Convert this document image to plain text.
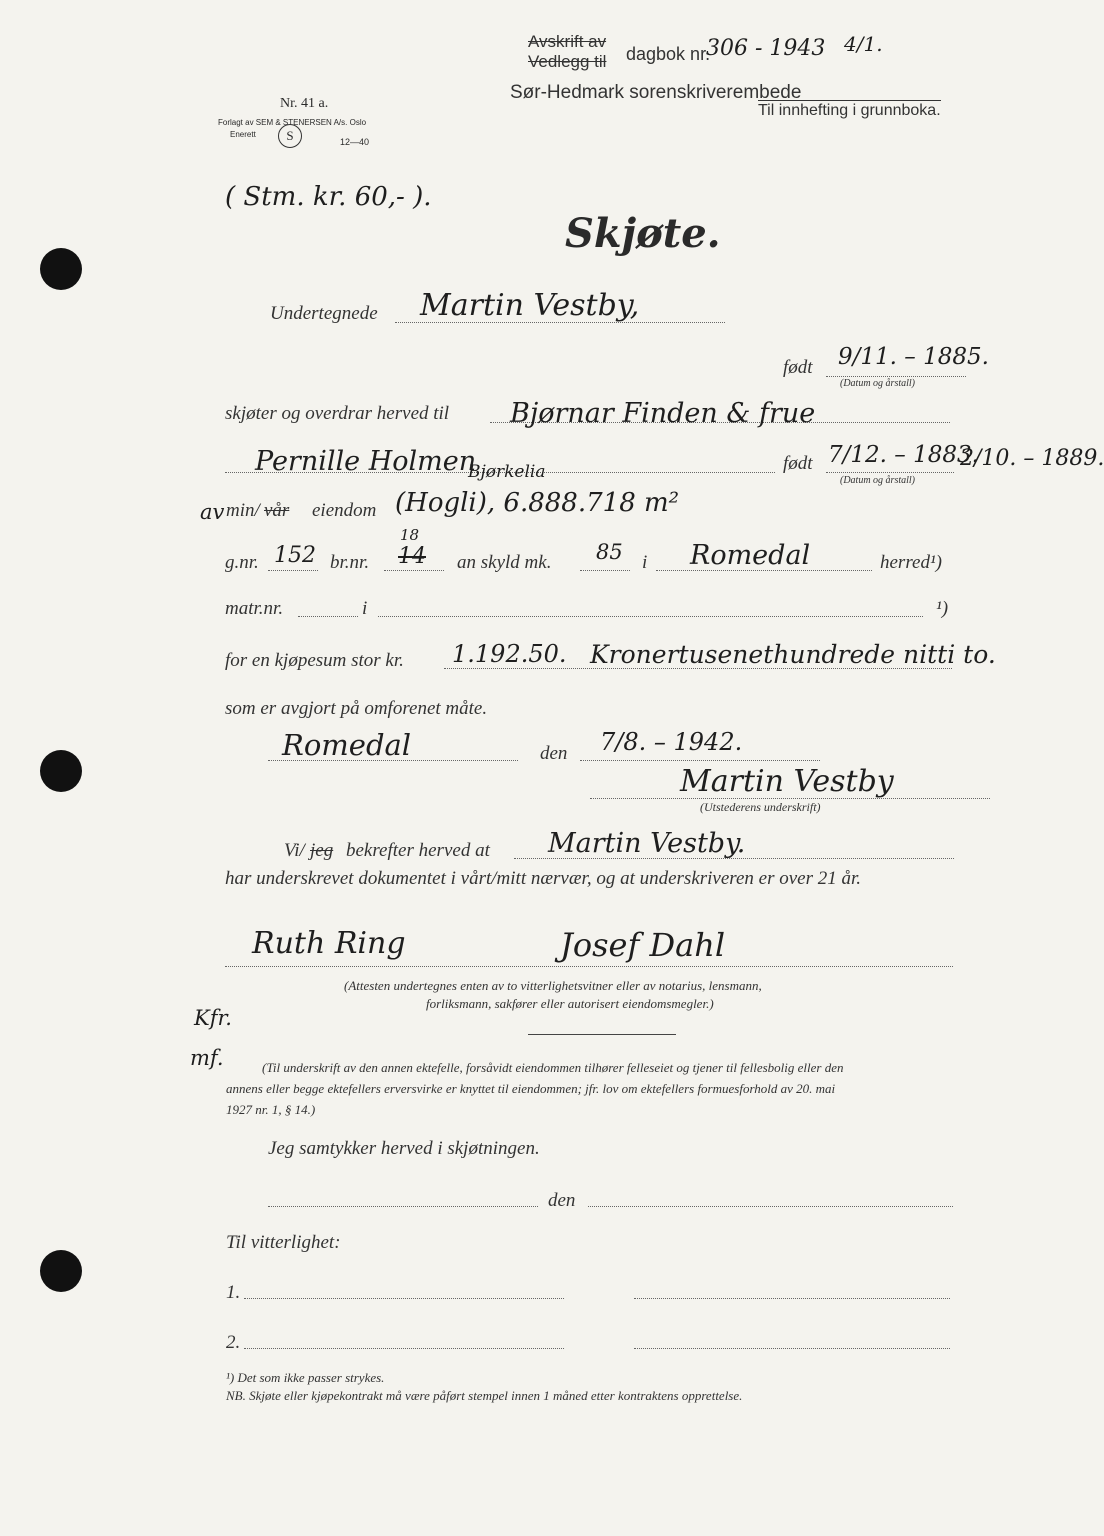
Avskrift av
Vedlegg til dagbok nr.
306 - 1943 4/1.
Sør-Hedmark sorenskriverembede
Til innhefting i grunnboka.
Nr. 41 a.
Forlagt av SEM & STENERSEN A/s. Oslo
Enerett	S	12—40
( Stm. kr. 60,- ).
Skjøte.
Undertegnede Martin Vestby,
født 9/11. – 1885.
(Datum og årstall)
skjøter og overdrar herved til Bjørnar Finden & frue
Pernille Holmen	født 7/12. – 1883.
2/10. – 1889.
(Datum og årstall)
av min/ vår eiendom
Bjørkelia
(Hogli), 6.888.718 m²
g.nr. 152 br.nr.
18
14 an skyld mk. 85 i Romedal	herred¹)
matr.nr.	i	¹)
for en kjøpesum stor kr. 1.192.50. Kronertusenethundrede nitti to.
som er avgjort på omforenet måte.
Romedal	den 7/8. – 1942.
Martin Vestby
(Utstederens underskrift)
Vi/ jeg bekrefter herved at Martin Vestby.
har underskrevet dokumentet i vårt/mitt nærvær, og at underskriveren er over 21 år.
Ruth Ring	Josef Dahl
(Attesten undertegnes enten av to vitterlighetsvitner eller av notarius, lensmann,
forliksmann, sakfører eller autorisert eiendomsmegler.)
Kfr.
mf.	(Til underskrift av den annen ektefelle, forsåvidt eiendommen tilhører felleseiet og tjener til fellesbolig eller den
annens eller begge ektefellers erversvirke er knyttet til eiendommen; jfr. lov om ektefellers formuesforhold av 20. mai
1927 nr. 1, § 14.)
Jeg samtykker herved i skjøtningen.
den
Til vitterlighet:
1.
2.
¹) Det som ikke passer strykes.
NB. Skjøte eller kjøpekontrakt må være påført stempel innen 1 måned etter kontraktens opprettelse.
